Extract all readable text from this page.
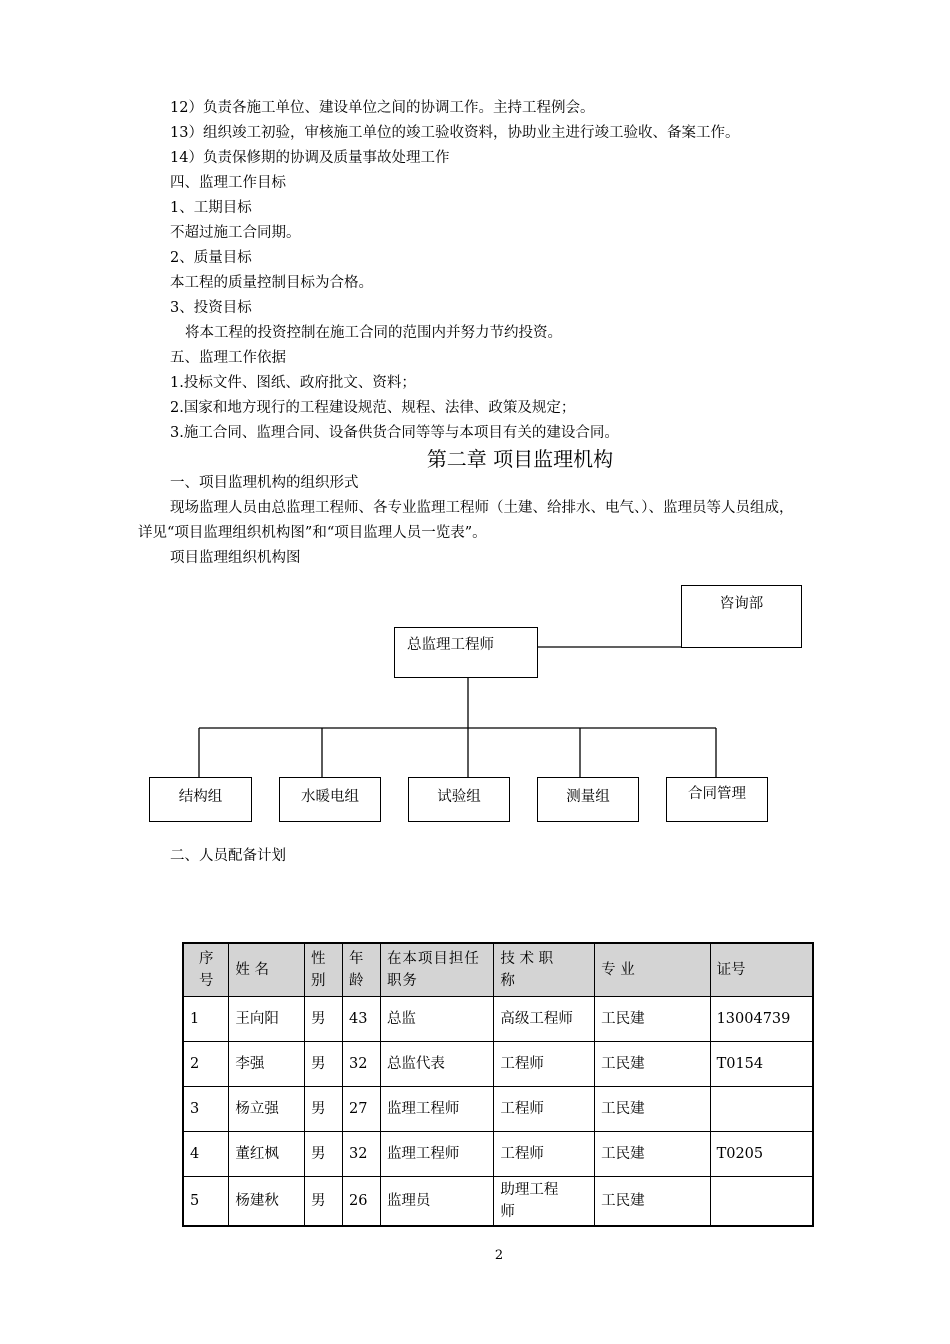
12）负责各施工单位、建设单位之间的协调工作。主持工程例会。
13）组织竣工初验，审核施工单位的竣工验收资料，协助业主进行竣工验收、备案工作。
14）负责保修期的协调及质量事故处理工作
四、监理工作目标
1、工期目标
不超过施工合同期。
2、质量目标
本工程的质量控制目标为合格。
3、投资目标
将本工程的投资控制在施工合同的范围内并努力节约投资。
五、监理工作依据
1.投标文件、图纸、政府批文、资料；
2.国家和地方现行的工程建设规范、规程、法律、政策及规定；
3.施工合同、监理合同、设备供货合同等等与本项目有关的建设合同。
第二章 项目监理机构
一、项目监理机构的组织形式
现场监理人员由总监理工程师、各专业监理工程师（土建、给排水、电气、）、监理员等人员组成，
详见“项目监理组织机构图”和“项目监理人员一览表”。
项目监理组织机构图
咨询部
总监理工程师
结构组	水暖电组	试验组	测量组	合同管理
二、人员配备计划
序号	姓 名	性别	年龄	在本项目担任职务	技 术 职 称	专 业	证号
1	王向阳	男	43	总监	高级工程师	工民建	13004739
2	李强	男	32	总监代表	工程师	工民建	T0154
3	杨立强	男	27	监理工程师	工程师	工民建	
4	董红枫	男	32	监理工程师	工程师	工民建	T0205
5	杨建秋	男	26	监理员	助理工程师	工民建	
2
